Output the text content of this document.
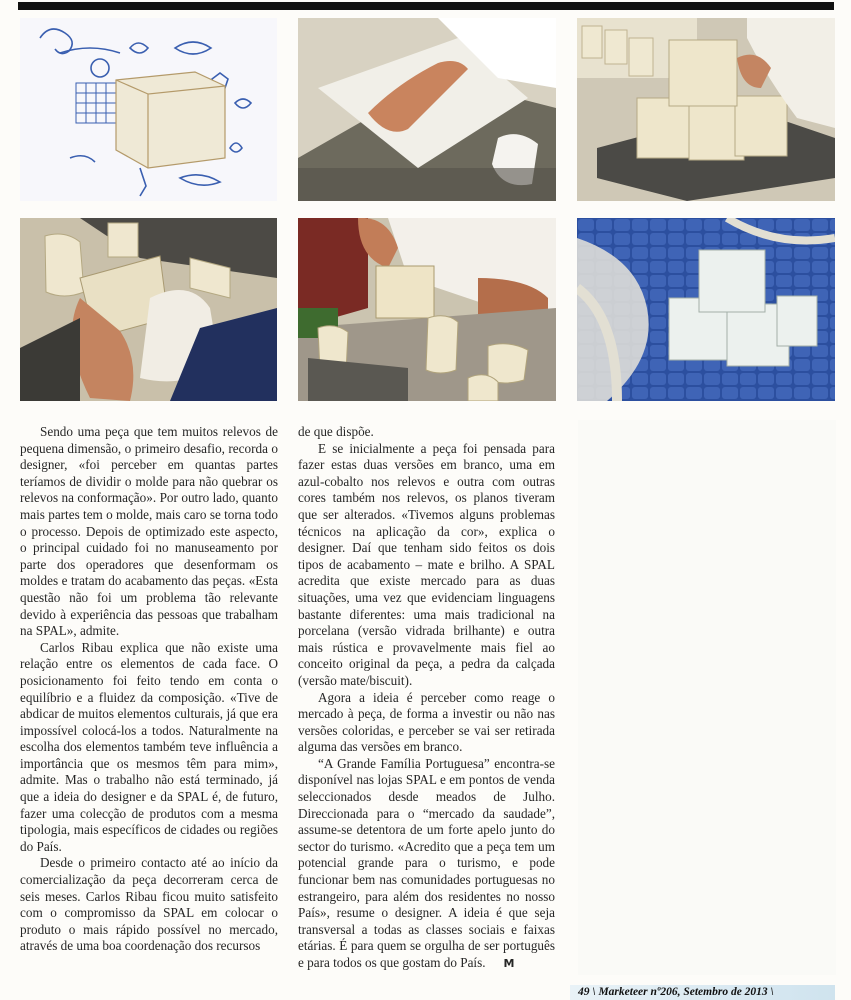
Sendo uma peça que tem muitos relevos de pequena dimensão, o primeiro desafio, recorda o designer, «foi perceber em quantas partes teríamos de dividir o molde para não quebrar os relevos na conformação». Por outro lado, quanto mais partes tem o molde, mais caro se torna todo o processo. Depois de optimizado este aspecto, o principal cuidado foi no manuseamento por parte dos operadores que desenformam os moldes e tratam do acabamento das peças. «Esta questão não foi um problema tão relevante devido à experiência das pessoas que trabalham na SPAL», admite.

Carlos Ribau explica que não existe uma relação entre os elementos de cada face. O posicionamento foi feito tendo em conta o equilíbrio e a fluidez da composição. «Tive de abdicar de muitos elementos culturais, já que era impossível colocá-los a todos. Naturalmente na escolha dos elementos também teve influência a importância que os mesmos têm para mim», admite. Mas o trabalho não está terminado, já que a ideia do designer e da SPAL é, de futuro, fazer uma colecção de produtos com a mesma tipologia, mais específicos de cidades ou regiões do País.

Desde o primeiro contacto até ao início da comercialização da peça decorreram cerca de seis meses. Carlos Ribau ficou muito satisfeito com o compromisso da SPAL em colocar o produto o mais rápido possível no mercado, através de uma boa coordenação dos recursos

de que dispõe.

E se inicialmente a peça foi pensada para fazer estas duas versões em branco, uma em azul-cobalto nos relevos e outra com outras cores também nos relevos, os planos tiveram que ser alterados. «Tivemos alguns problemas técnicos na aplicação da cor», explica o designer. Daí que tenham sido feitos os dois tipos de acabamento – mate e brilho. A SPAL acredita que existe mercado para as duas situações, uma vez que evidenciam linguagens bastante diferentes: uma mais tradicional na porcelana (versão vidrada brilhante) e outra mais rústica e provavelmente mais fiel ao conceito original da peça, a pedra da calçada (versão mate/biscuit).

Agora a ideia é perceber como reage o mercado à peça, de forma a investir ou não nas versões coloridas, e perceber se vai ser retirada alguma das versões em branco.

“A Grande Família Portuguesa” encontra-se disponível nas lojas SPAL e em pontos de venda seleccionados desde meados de Julho. Direccionada para o “mercado da saudade”, assume-se detentora de um forte apelo junto do sector do turismo. «Acredito que a peça tem um potencial grande para o turismo, e pode funcionar bem nas comunidades portuguesas no estrangeiro, para além dos residentes no nosso País», resume o designer. A ideia é que seja transversal a todas as classes sociais e faixas etárias. É para quem se orgulha de ser português e para todos os que gostam do País. M

49 \ Marketeer nº206, Setembro de 2013 \
